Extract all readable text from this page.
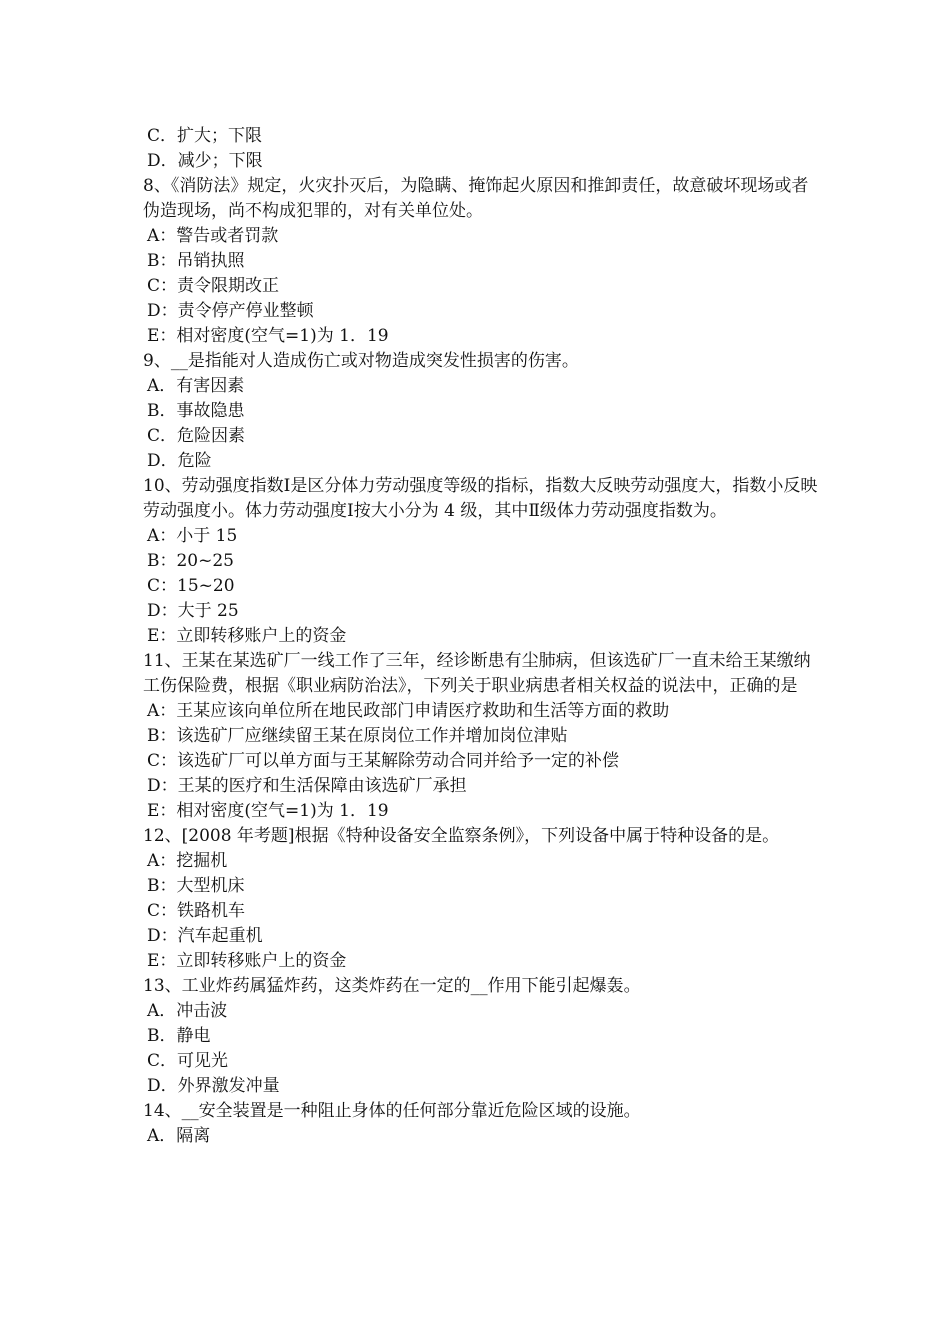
C．扩大；下限
D．减少；下限
8、《消防法》规定，火灾扑灭后，为隐瞒、掩饰起火原因和推卸责任，故意破坏现场或者伪造现场，尚不构成犯罪的，对有关单位处。
A：警告或者罚款
B：吊销执照
C：责令限期改正
D：责令停产停业整顿
E：相对密度(空气=1)为 1．19
9、__是指能对人造成伤亡或对物造成突发性损害的伤害。
A．有害因素
B．事故隐患
C．危险因素
D．危险
10、劳动强度指数Ⅰ是区分体力劳动强度等级的指标，指数大反映劳动强度大，指数小反映劳动强度小。体力劳动强度Ⅰ按大小分为 4 级，其中Ⅱ级体力劳动强度指数为。
A：小于 15
B：20~25
C：15~20
D：大于 25
E：立即转移账户上的资金
11、王某在某选矿厂一线工作了三年，经诊断患有尘肺病，但该选矿厂一直未给王某缴纳工伤保险费，根据《职业病防治法》，下列关于职业病患者相关权益的说法中，正确的是
A：王某应该向单位所在地民政部门申请医疗救助和生活等方面的救助
B：该选矿厂应继续留王某在原岗位工作并增加岗位津贴
C：该选矿厂可以单方面与王某解除劳动合同并给予一定的补偿
D：王某的医疗和生活保障由该选矿厂承担
E：相对密度(空气=1)为 1．19
12、[2008 年考题]根据《特种设备安全监察条例》，下列设备中属于特种设备的是。
A：挖掘机
B：大型机床
C：铁路机车
D：汽车起重机
E：立即转移账户上的资金
13、工业炸药属猛炸药，这类炸药在一定的__作用下能引起爆轰。
A．冲击波
B．静电
C．可见光
D．外界激发冲量
14、__安全装置是一种阻止身体的任何部分靠近危险区域的设施。
A．隔离
